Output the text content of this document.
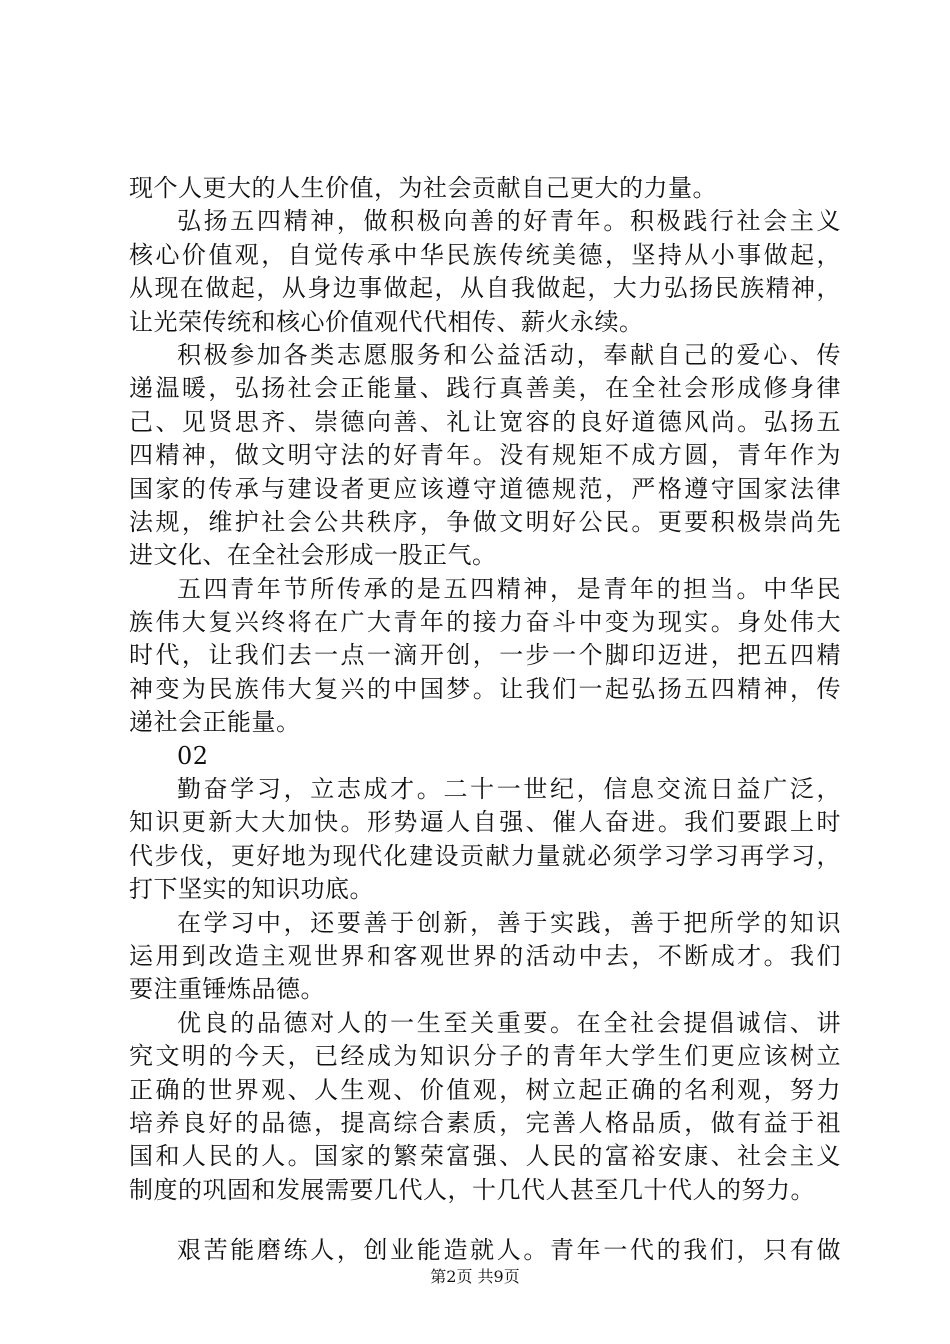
现个人更大的人生价值，为社会贡献自己更大的力量。
弘扬五四精神，做积极向善的好青年。积极践行社会主义
核心价值观，自觉传承中华民族传统美德，坚持从小事做起，
从现在做起，从身边事做起，从自我做起，大力弘扬民族精神，
让光荣传统和核心价值观代代相传、薪火永续。
积极参加各类志愿服务和公益活动，奉献自己的爱心、传
递温暖，弘扬社会正能量、践行真善美，在全社会形成修身律
己、见贤思齐、崇德向善、礼让宽容的良好道德风尚。弘扬五
四精神，做文明守法的好青年。没有规矩不成方圆，青年作为
国家的传承与建设者更应该遵守道德规范，严格遵守国家法律
法规，维护社会公共秩序，争做文明好公民。更要积极崇尚先
进文化、在全社会形成一股正气。
五四青年节所传承的是五四精神，是青年的担当。中华民
族伟大复兴终将在广大青年的接力奋斗中变为现实。身处伟大
时代，让我们去一点一滴开创，一步一个脚印迈进，把五四精
神变为民族伟大复兴的中国梦。让我们一起弘扬五四精神，传
递社会正能量。
02
勤奋学习，立志成才。二十一世纪，信息交流日益广泛，
知识更新大大加快。形势逼人自强、催人奋进。我们要跟上时
代步伐，更好地为现代化建设贡献力量就必须学习学习再学习，
打下坚实的知识功底。
在学习中，还要善于创新，善于实践，善于把所学的知识
运用到改造主观世界和客观世界的活动中去，不断成才。我们
要注重锤炼品德。
优良的品德对人的一生至关重要。在全社会提倡诚信、讲
究文明的今天，已经成为知识分子的青年大学生们更应该树立
正确的世界观、人生观、价值观，树立起正确的名利观，努力
培养良好的品德，提高综合素质，完善人格品质，做有益于祖
国和人民的人。国家的繁荣富强、人民的富裕安康、社会主义
制度的巩固和发展需要几代人，十几代人甚至几十代人的努力。
艰苦能磨练人，创业能造就人。青年一代的我们，只有做
第2页 共9页
